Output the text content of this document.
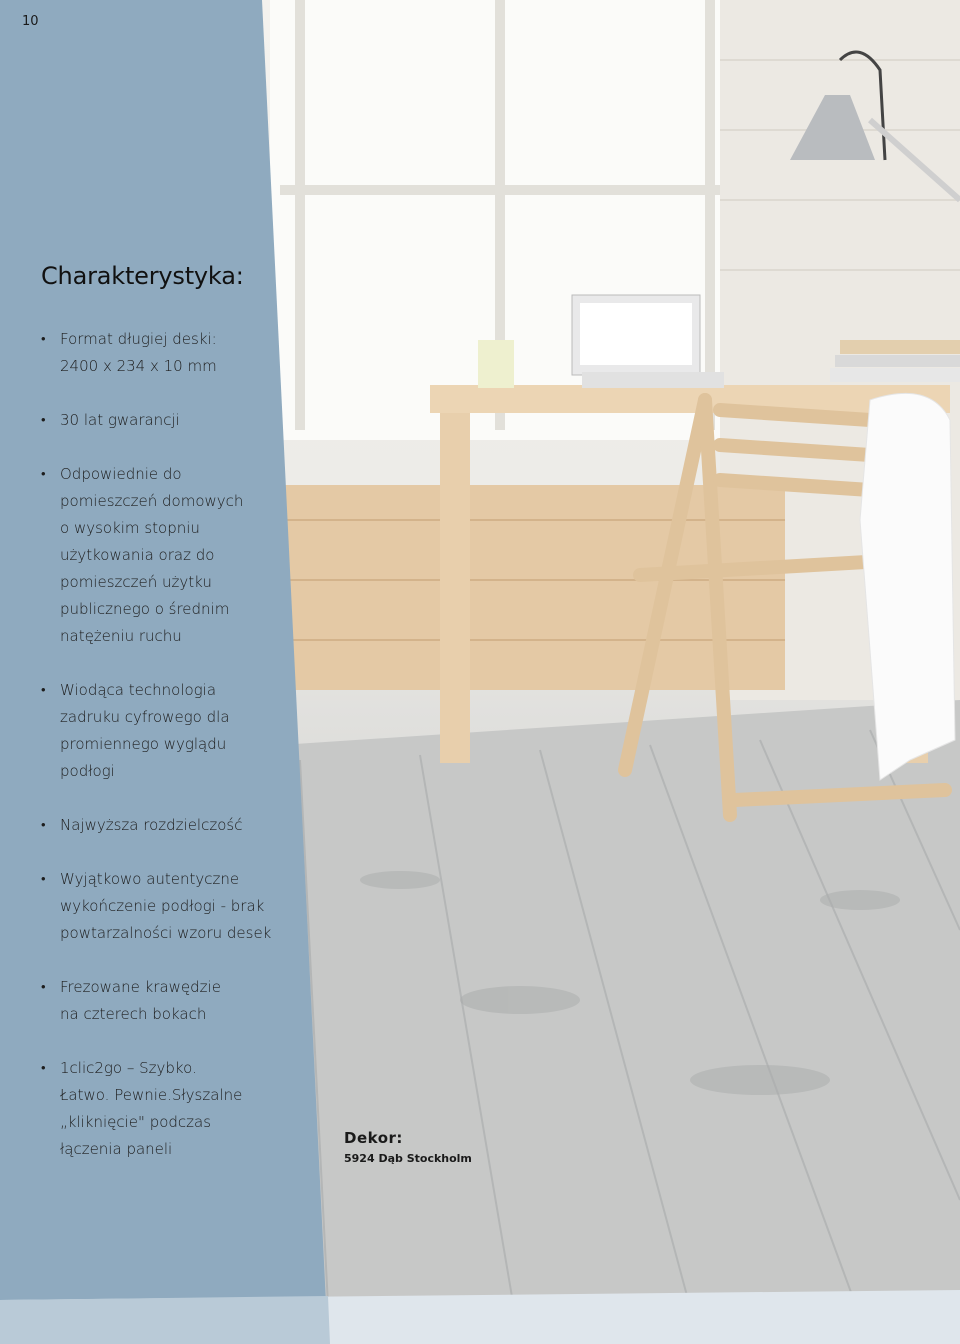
10
Charakterystyka:
• Format długiej deski:
2400 x 234 x 10 mm
• 30 lat gwarancji
• Odpowiednie do
pomieszczeń domowych
o wysokim stopniu
użytkowania oraz do
pomieszczeń użytku
publicznego o średnim
natężeniu ruchu
• Wiodąca technologia
zadruku cyfrowego dla
promiennego wyglądu
podłogi
• Najwyższa rozdzielczość
• Wyjątkowo autentyczne
wykończenie podłogi - brak
powtarzalności wzoru desek
• Frezowane krawędzie
na czterech bokach
• 1clic2go – Szybko.
Łatwo. Pewnie.Słyszalne
„kliknięcie" podczas
łączenia paneli
Dekor:
5924 Dąb Stockholm
